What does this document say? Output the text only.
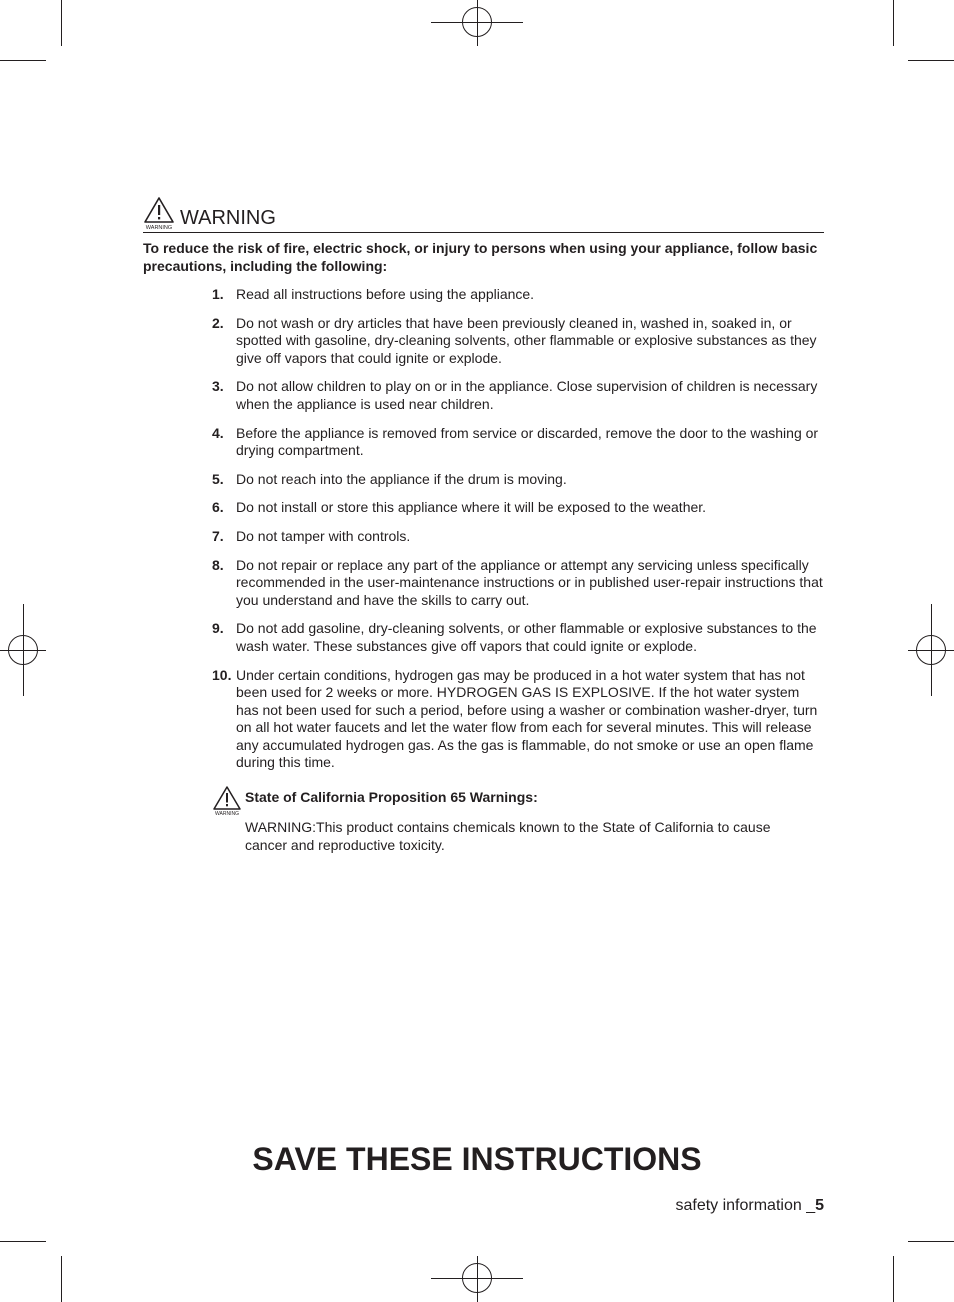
WARNING WARNING
To reduce the risk of fire, electric shock, or injury to persons when using your appliance, follow basic precautions, including the following:
1. Read all instructions before using the appliance.
2. Do not wash or dry articles that have been previously cleaned in, washed in, soaked in, or spotted with gasoline, dry-cleaning solvents, other flammable or explosive substances as they give off vapors that could ignite or explode.
3. Do not allow children to play on or in the appliance. Close supervision of children is necessary when the appliance is used near children.
4. Before the appliance is removed from service or discarded, remove the door to the washing or drying compartment.
5. Do not reach into the appliance if the drum is moving.
6. Do not install or store this appliance where it will be exposed to the weather.
7. Do not tamper with controls.
8. Do not repair or replace any part of the appliance or attempt any servicing unless specifically recommended in the user-maintenance instructions or in published user-repair instructions that you understand and have the skills to carry out.
9. Do not add gasoline, dry-cleaning solvents, or other flammable or explosive substances to the wash water. These substances give off vapors that could ignite or explode.
10. Under certain conditions, hydrogen gas may be produced in a hot water system that has not been used for 2 weeks or more. HYDROGEN GAS IS EXPLOSIVE. If the hot water system has not been used for such a period, before using a washer or combination washer-dryer, turn on all hot water faucets and let the water flow from each for several minutes. This will release any accumulated hydrogen gas. As the gas is flammable, do not smoke or use an open flame during this time.
WARNING
State of California Proposition 65 Warnings:
WARNING:This product contains chemicals known to the State of California to cause cancer and reproductive toxicity.
SAVE THESE INSTRUCTIONS
safety information _5
